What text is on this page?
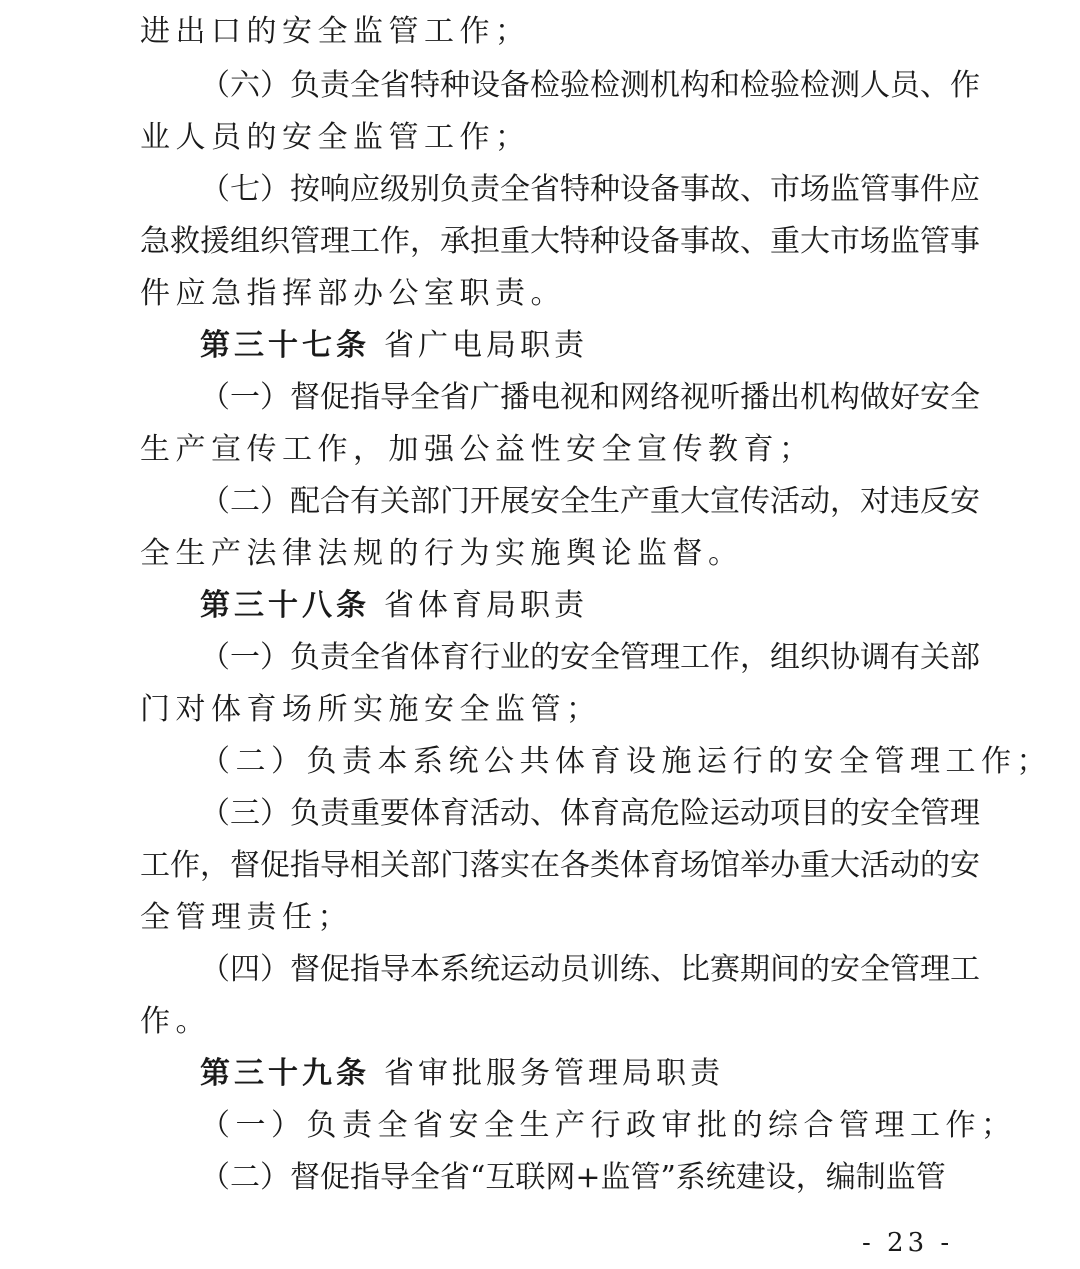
进出口的安全监管工作；
（六）负责全省特种设备检验检测机构和检验检测人员、作
业人员的安全监管工作；
（七）按响应级别负责全省特种设备事故、市场监管事件应
急救援组织管理工作，承担重大特种设备事故、重大市场监管事
件应急指挥部办公室职责。
第三十七条 省广电局职责
（一）督促指导全省广播电视和网络视听播出机构做好安全
生产宣传工作，加强公益性安全宣传教育；
（二）配合有关部门开展安全生产重大宣传活动，对违反安
全生产法律法规的行为实施舆论监督。
第三十八条 省体育局职责
（一）负责全省体育行业的安全管理工作，组织协调有关部
门对体育场所实施安全监管；
（二）负责本系统公共体育设施运行的安全管理工作；
（三）负责重要体育活动、体育高危险运动项目的安全管理
工作，督促指导相关部门落实在各类体育场馆举办重大活动的安
全管理责任；
（四）督促指导本系统运动员训练、比赛期间的安全管理工
作。
第三十九条 省审批服务管理局职责
（一）负责全省安全生产行政审批的综合管理工作；
（二）督促指导全省“互联网+监管”系统建设，编制监管
- 23 -
